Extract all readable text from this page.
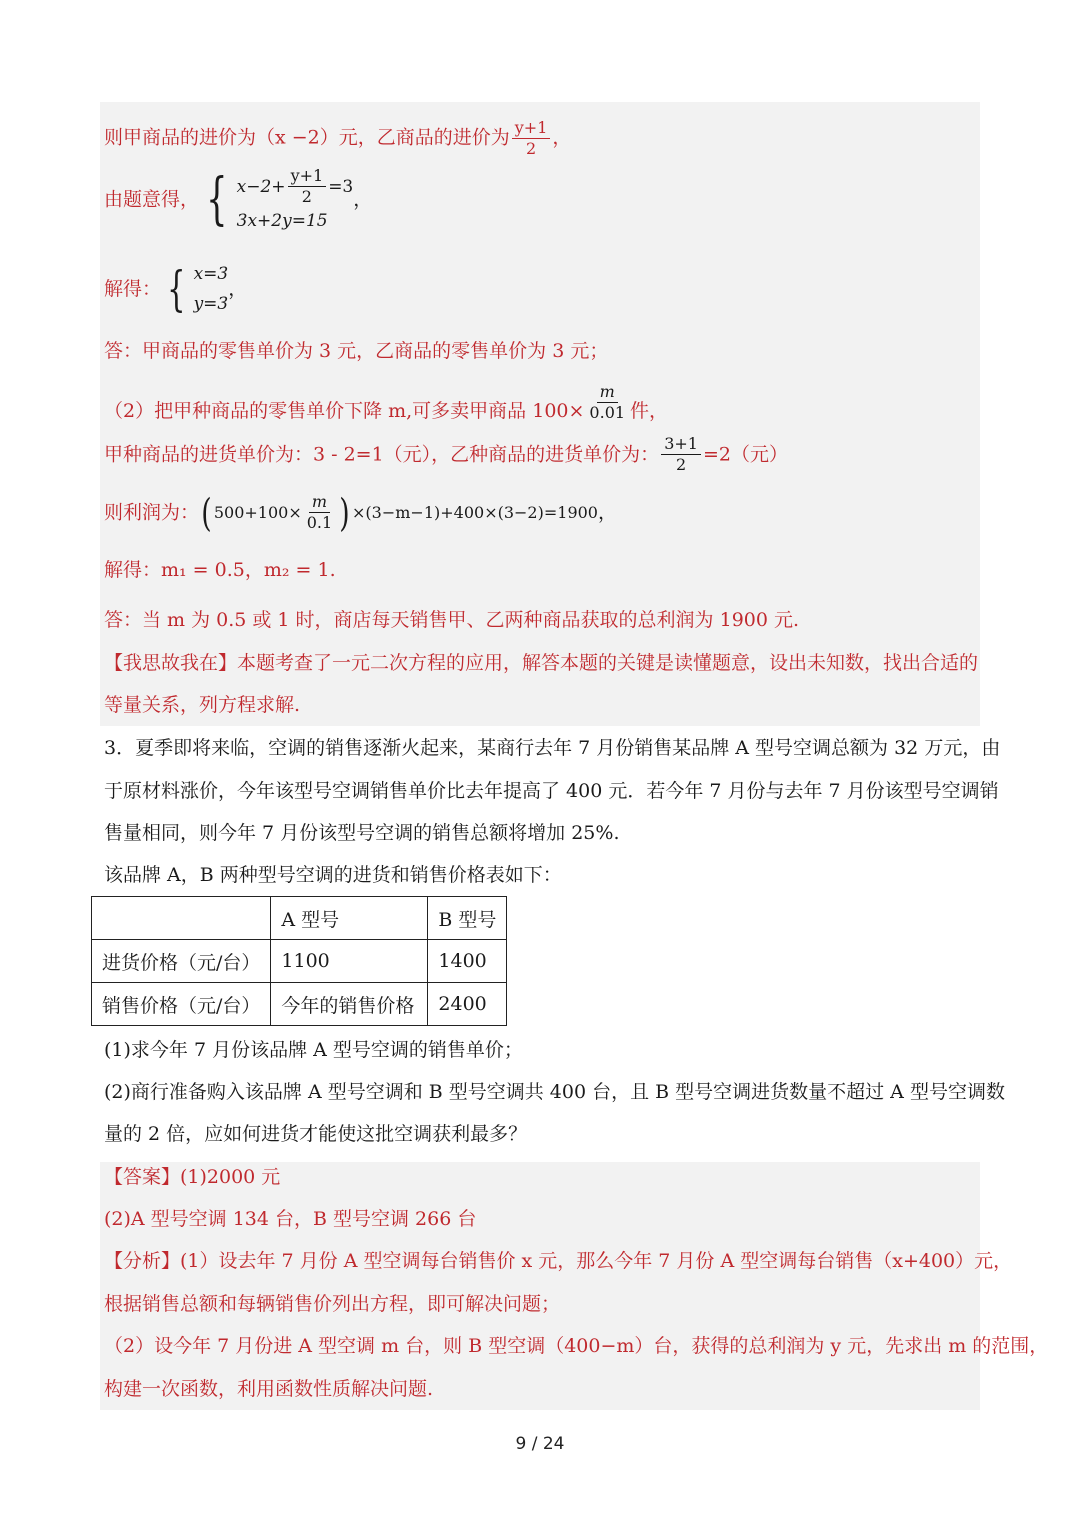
则甲商品的进价为（x −2）元，乙商品的进价为 $\frac{y+1}{2}$ ，
由题意得， { $x-2+ \frac{y+1}{2} =3$
3x+2y=15
，
解得： { x=3
y=3
，
答：甲商品的零售单价为 3 元，乙商品的零售单价为 3 元；
（2）把甲种商品的零售单价下降 m,可多卖甲商品 $100\times \frac{m}{0.01}$ 件，
甲种商品的进货单价为：3 - 2=1（元），乙种商品的进货单价为： $\frac{3+1}{2} =2$（元）
则利润为：( $500+100\times \frac{m}{0.1}$ ) ×(3−m−1)+400×(3−2)=1900，
解得：m₁ = 0.5，m₂ = 1.
答：当 m 为 0.5 或 1 时，商店每天销售甲、乙两种商品获取的总利润为 1900 元.
【我思故我在】本题考查了一元二次方程的应用，解答本题的关键是读懂题意，设出未知数，找出合适的
等量关系，列方程求解.
3．夏季即将来临，空调的销售逐渐火起来，某商行去年 7 月份销售某品牌 A 型号空调总额为 32 万元，由
于原材料涨价，今年该型号空调销售单价比去年提高了 400 元．若今年 7 月份与去年 7 月份该型号空调销
售量相同，则今年 7 月份该型号空调的销售总额将增加 25%.
该品牌 A，B 两种型号空调的进货和销售价格表如下：
	A 型号	B 型号
进货价格（元/台）	1100	1400
销售价格（元/台）	今年的销售价格	2400
(1)求今年 7 月份该品牌 A 型号空调的销售单价；
(2)商行准备购入该品牌 A 型号空调和 B 型号空调共 400 台，且 B 型号空调进货数量不超过 A 型号空调数
量的 2 倍，应如何进货才能使这批空调获利最多？
【答案】(1)2000 元
(2)A 型号空调 134 台，B 型号空调 266 台
【分析】(1）设去年 7 月份 A 型空调每台销售价 x 元，那么今年 7 月份 A 型空调每台销售（x+400）元，
根据销售总额和每辆销售价列出方程，即可解决问题；
（2）设今年 7 月份进 A 型空调 m 台，则 B 型空调（400−m）台，获得的总利润为 y 元，先求出 m 的范围，
构建一次函数，利用函数性质解决问题.
9 / 24
